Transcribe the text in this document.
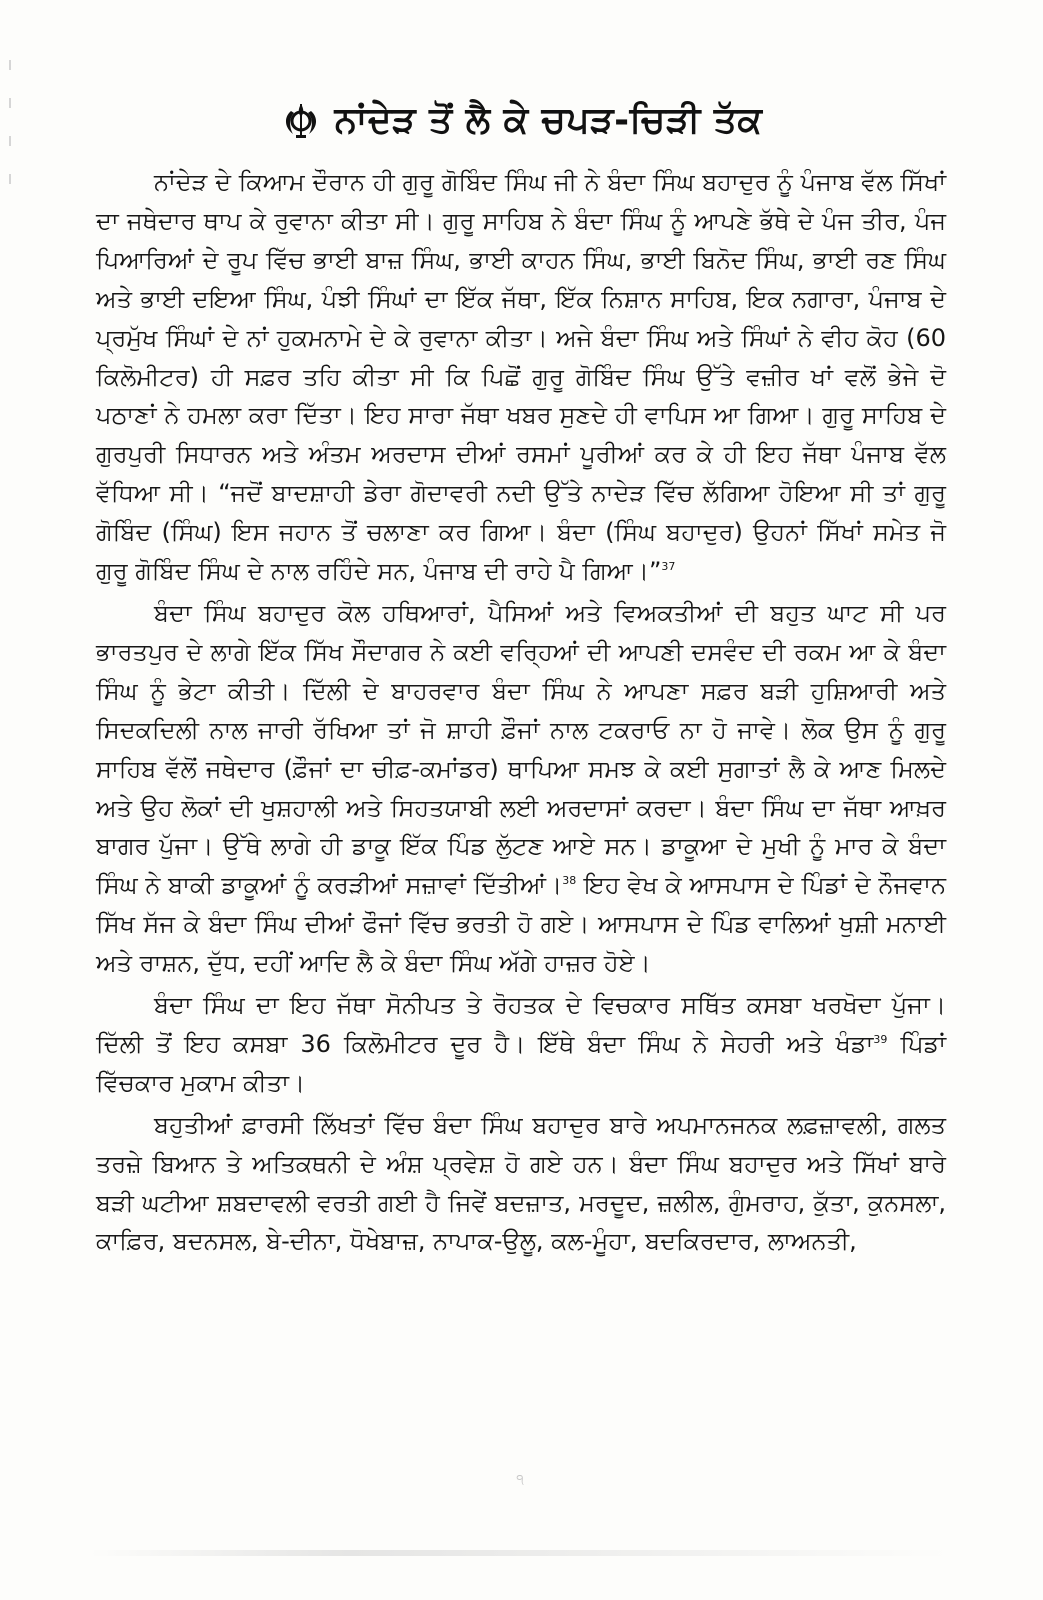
ਨਾਂਦੇੜ ਤੋਂ ਲੈ ਕੇ ਚਪੜ-ਚਿੜੀ ਤੱਕ

ਨਾਂਦੇੜ ਦੇ ਕਿਆਮ ਦੌਰਾਨ ਹੀ ਗੁਰੂ ਗੋਬਿੰਦ ਸਿੰਘ ਜੀ ਨੇ ਬੰਦਾ ਸਿੰਘ ਬਹਾਦੁਰ ਨੂੰ ਪੰਜਾਬ ਵੱਲ ਸਿੱਖਾਂ ਦਾ ਜਥੇਦਾਰ ਥਾਪ ਕੇ ਰੁਵਾਨਾ ਕੀਤਾ ਸੀ। ਗੁਰੂ ਸਾਹਿਬ ਨੇ ਬੰਦਾ ਸਿੰਘ ਨੂੰ ਆਪਣੇ ਭੱਥੇ ਦੇ ਪੰਜ ਤੀਰ, ਪੰਜ ਪਿਆਰਿਆਂ ਦੇ ਰੂਪ ਵਿੱਚ ਭਾਈ ਬਾਜ਼ ਸਿੰਘ, ਭਾਈ ਕਾਹਨ ਸਿੰਘ, ਭਾਈ ਬਿਨੋਦ ਸਿੰਘ, ਭਾਈ ਰਣ ਸਿੰਘ ਅਤੇ ਭਾਈ ਦਇਆ ਸਿੰਘ, ਪੰਝੀ ਸਿੰਘਾਂ ਦਾ ਇੱਕ ਜੱਥਾ, ਇੱਕ ਨਿਸ਼ਾਨ ਸਾਹਿਬ, ਇਕ ਨਗਾਰਾ, ਪੰਜਾਬ ਦੇ ਪ੍ਰਮੁੱਖ ਸਿੰਘਾਂ ਦੇ ਨਾਂ ਹੁਕਮਨਾਮੇ ਦੇ ਕੇ ਰੁਵਾਨਾ ਕੀਤਾ। ਅਜੇ ਬੰਦਾ ਸਿੰਘ ਅਤੇ ਸਿੰਘਾਂ ਨੇ ਵੀਹ ਕੋਹ (60 ਕਿਲੋਮੀਟਰ) ਹੀ ਸਫ਼ਰ ਤਹਿ ਕੀਤਾ ਸੀ ਕਿ ਪਿਛੋਂ ਗੁਰੂ ਗੋਬਿੰਦ ਸਿੰਘ ਉੱਤੇ ਵਜ਼ੀਰ ਖਾਂ ਵਲੋਂ ਭੇਜੇ ਦੋ ਪਠਾਣਾਂ ਨੇ ਹਮਲਾ ਕਰਾ ਦਿੱਤਾ। ਇਹ ਸਾਰਾ ਜੱਥਾ ਖਬਰ ਸੁਣਦੇ ਹੀ ਵਾਪਿਸ ਆ ਗਿਆ। ਗੁਰੂ ਸਾਹਿਬ ਦੇ ਗੁਰਪੁਰੀ ਸਿਧਾਰਨ ਅਤੇ ਅੰਤਮ ਅਰਦਾਸ ਦੀਆਂ ਰਸਮਾਂ ਪੂਰੀਆਂ ਕਰ ਕੇ ਹੀ ਇਹ ਜੱਥਾ ਪੰਜਾਬ ਵੱਲ ਵੱਧਿਆ ਸੀ। “ਜਦੋਂ ਬਾਦਸ਼ਾਹੀ ਡੇਰਾ ਗੋਦਾਵਰੀ ਨਦੀ ਉੱਤੇ ਨਾਦੇੜ ਵਿੱਚ ਲੱਗਿਆ ਹੋਇਆ ਸੀ ਤਾਂ ਗੁਰੂ ਗੋਬਿੰਦ (ਸਿੰਘ) ਇਸ ਜਹਾਨ ਤੋਂ ਚਲਾਣਾ ਕਰ ਗਿਆ। ਬੰਦਾ (ਸਿੰਘ ਬਹਾਦੁਰ) ਉਹਨਾਂ ਸਿੱਖਾਂ ਸਮੇਤ ਜੋ ਗੁਰੂ ਗੋਬਿੰਦ ਸਿੰਘ ਦੇ ਨਾਲ ਰਹਿੰਦੇ ਸਨ, ਪੰਜਾਬ ਦੀ ਰਾਹੇ ਪੈ ਗਿਆ।”$^{37}$

ਬੰਦਾ ਸਿੰਘ ਬਹਾਦੁਰ ਕੋਲ ਹਥਿਆਰਾਂ, ਪੈਸਿਆਂ ਅਤੇ ਵਿਅਕਤੀਆਂ ਦੀ ਬਹੁਤ ਘਾਟ ਸੀ ਪਰ ਭਾਰਤਪੁਰ ਦੇ ਲਾਗੇ ਇੱਕ ਸਿੱਖ ਸੌਦਾਗਰ ਨੇ ਕਈ ਵਰ੍ਹਿਆਂ ਦੀ ਆਪਣੀ ਦਸਵੰਦ ਦੀ ਰਕਮ ਆ ਕੇ ਬੰਦਾ ਸਿੰਘ ਨੂੰ ਭੇਟਾ ਕੀਤੀ। ਦਿੱਲੀ ਦੇ ਬਾਹਰਵਾਰ ਬੰਦਾ ਸਿੰਘ ਨੇ ਆਪਣਾ ਸਫ਼ਰ ਬੜੀ ਹੁਸ਼ਿਆਰੀ ਅਤੇ ਸਿਦਕਦਿਲੀ ਨਾਲ ਜਾਰੀ ਰੱਖਿਆ ਤਾਂ ਜੋ ਸ਼ਾਹੀ ਫ਼ੌਜਾਂ ਨਾਲ ਟਕਰਾਓ ਨਾ ਹੋ ਜਾਵੇ। ਲੋਕ ਉਸ ਨੂੰ ਗੁਰੂ ਸਾਹਿਬ ਵੱਲੋਂ ਜਥੇਦਾਰ (ਫ਼ੌਜਾਂ ਦਾ ਚੀਫ਼-ਕਮਾਂਡਰ) ਥਾਪਿਆ ਸਮਝ ਕੇ ਕਈ ਸੁਗਾਤਾਂ ਲੈ ਕੇ ਆਣ ਮਿਲਦੇ ਅਤੇ ਉਹ ਲੋਕਾਂ ਦੀ ਖੁਸ਼ਹਾਲੀ ਅਤੇ ਸਿਹਤਯਾਬੀ ਲਈ ਅਰਦਾਸਾਂ ਕਰਦਾ। ਬੰਦਾ ਸਿੰਘ ਦਾ ਜੱਥਾ ਆਖ਼ਰ ਬਾਗਰ ਪੁੱਜਾ। ਉੱਥੇ ਲਾਗੇ ਹੀ ਡਾਕੂ ਇੱਕ ਪਿੰਡ ਲੁੱਟਣ ਆਏ ਸਨ। ਡਾਕੂਆ ਦੇ ਮੁਖੀ ਨੂੰ ਮਾਰ ਕੇ ਬੰਦਾ ਸਿੰਘ ਨੇ ਬਾਕੀ ਡਾਕੂਆਂ ਨੂੰ ਕਰੜੀਆਂ ਸਜ਼ਾਵਾਂ ਦਿੱਤੀਆਂ।$^{38}$ ਇਹ ਵੇਖ ਕੇ ਆਸਪਾਸ ਦੇ ਪਿੰਡਾਂ ਦੇ ਨੌਜਵਾਨ ਸਿੱਖ ਸੱਜ ਕੇ ਬੰਦਾ ਸਿੰਘ ਦੀਆਂ ਫੌਜਾਂ ਵਿੱਚ ਭਰਤੀ ਹੋ ਗਏ। ਆਸਪਾਸ ਦੇ ਪਿੰਡ ਵਾਲਿਆਂ ਖੁਸ਼ੀ ਮਨਾਈ ਅਤੇ ਰਾਸ਼ਨ, ਦੁੱਧ, ਦਹੀਂ ਆਦਿ ਲੈ ਕੇ ਬੰਦਾ ਸਿੰਘ ਅੱਗੇ ਹਾਜ਼ਰ ਹੋਏ।

ਬੰਦਾ ਸਿੰਘ ਦਾ ਇਹ ਜੱਥਾ ਸੋਨੀਪਤ ਤੇ ਰੋਹਤਕ ਦੇ ਵਿਚਕਾਰ ਸਥਿੱਤ ਕਸਬਾ ਖਰਖੋਦਾ ਪੁੱਜਾ। ਦਿੱਲੀ ਤੋਂ ਇਹ ਕਸਬਾ 36 ਕਿਲੋਮੀਟਰ ਦੂਰ ਹੈ। ਇੱਥੇ ਬੰਦਾ ਸਿੰਘ ਨੇ ਸੇਹਰੀ ਅਤੇ ਖੰਡਾ$^{39}$ ਪਿੰਡਾਂ ਵਿੱਚਕਾਰ ਮੁਕਾਮ ਕੀਤਾ।

ਬਹੁਤੀਆਂ ਫ਼ਾਰਸੀ ਲਿੱਖਤਾਂ ਵਿੱਚ ਬੰਦਾ ਸਿੰਘ ਬਹਾਦੁਰ ਬਾਰੇ ਅਪਮਾਨਜਨਕ ਲਫ਼ਜ਼ਾਵਲੀ, ਗਲਤ ਤਰਜ਼ੇ ਬਿਆਨ ਤੇ ਅਤਿਕਥਨੀ ਦੇ ਅੰਸ਼ ਪ੍ਰਵੇਸ਼ ਹੋ ਗਏ ਹਨ। ਬੰਦਾ ਸਿੰਘ ਬਹਾਦੁਰ ਅਤੇ ਸਿੱਖਾਂ ਬਾਰੇ ਬੜੀ ਘਟੀਆ ਸ਼ਬਦਾਵਲੀ ਵਰਤੀ ਗਈ ਹੈ ਜਿਵੇਂ ਬਦਜ਼ਾਤ, ਮਰਦੂਦ, ਜ਼ਲੀਲ, ਗੁੰਮਰਾਹ, ਕੁੱਤਾ, ਕੁਨਸਲਾ, ਕਾਫ਼ਿਰ, ਬਦਨਸਲ, ਬੇ-ਦੀਨਾ, ਧੋਖੇਬਾਜ਼, ਨਾਪਾਕ-ਉਲੂ, ਕਲ-ਮੂੰਹਾ, ਬਦਕਿਰਦਾਰ, ਲਾਅਨਤੀ,

੧
